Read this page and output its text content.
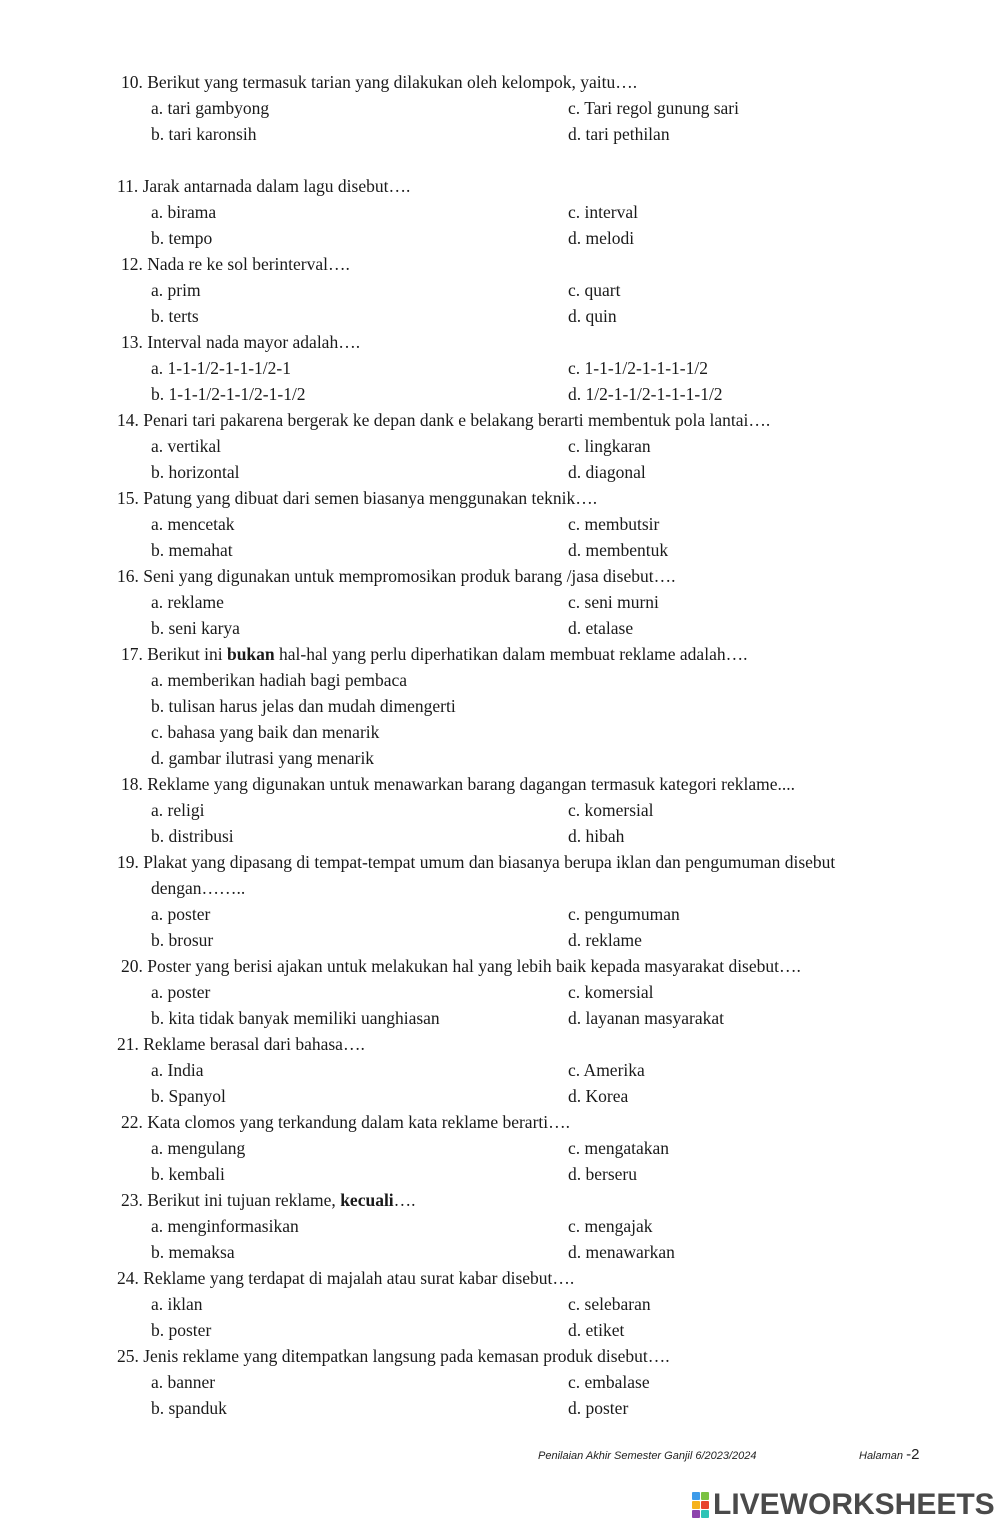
10. Berikut yang termasuk tarian yang dilakukan oleh kelompok, yaitu….
a. tari gambyong	c. Tari regol gunung sari
b. tari karonsih	d. tari pethilan
11. Jarak antarnada dalam lagu disebut….
a. birama	c. interval
b. tempo	d. melodi
12. Nada re ke sol berinterval….
a. prim	c. quart
b. terts	d. quin
13. Interval nada mayor adalah….
a. 1-1-1/2-1-1-1/2-1	c. 1-1-1/2-1-1-1-1/2
b. 1-1-1/2-1-1/2-1-1/2	d. 1/2-1-1/2-1-1-1-1/2
14. Penari tari pakarena bergerak ke depan dank e belakang berarti membentuk pola lantai….
a. vertikal	c. lingkaran
b. horizontal	d. diagonal
15. Patung yang dibuat dari semen biasanya menggunakan teknik….
a. mencetak	c. membutsir
b. memahat	d. membentuk
16. Seni yang digunakan untuk mempromosikan produk barang /jasa disebut….
a. reklame	c. seni murni
b. seni karya	d. etalase
17. Berikut ini bukan hal-hal yang perlu diperhatikan dalam membuat reklame adalah….
a. memberikan hadiah bagi pembaca
b. tulisan harus jelas dan mudah dimengerti
c. bahasa yang baik dan menarik
d. gambar ilutrasi yang menarik
18. Reklame yang digunakan untuk menawarkan barang dagangan termasuk kategori reklame....
a. religi	c. komersial
b. distribusi	d. hibah
19. Plakat yang dipasang di tempat-tempat umum dan biasanya berupa iklan dan pengumuman disebut
dengan……..
a. poster	c. pengumuman
b. brosur	d. reklame
20. Poster yang berisi ajakan untuk melakukan hal yang lebih baik kepada masyarakat disebut….
a. poster	c. komersial
b. kita tidak banyak memiliki uanghiasan	d. layanan masyarakat
21. Reklame berasal dari bahasa….
a. India	c. Amerika
b. Spanyol	d. Korea
22. Kata clomos yang terkandung dalam kata reklame berarti….
a. mengulang	c. mengatakan
b. kembali	d. berseru
23. Berikut ini tujuan reklame, kecuali….
a. menginformasikan	c. mengajak
b. memaksa	d. menawarkan
24. Reklame yang terdapat di majalah atau surat kabar disebut….
a. iklan	c. selebaran
b. poster	d. etiket
25. Jenis reklame yang ditempatkan langsung pada kemasan produk disebut….
a. banner	c. embalase
b. spanduk	d. poster
Penilaian Akhir Semester Ganjil 6/2023/2024	Halaman -2
LIVEWORKSHEETS
